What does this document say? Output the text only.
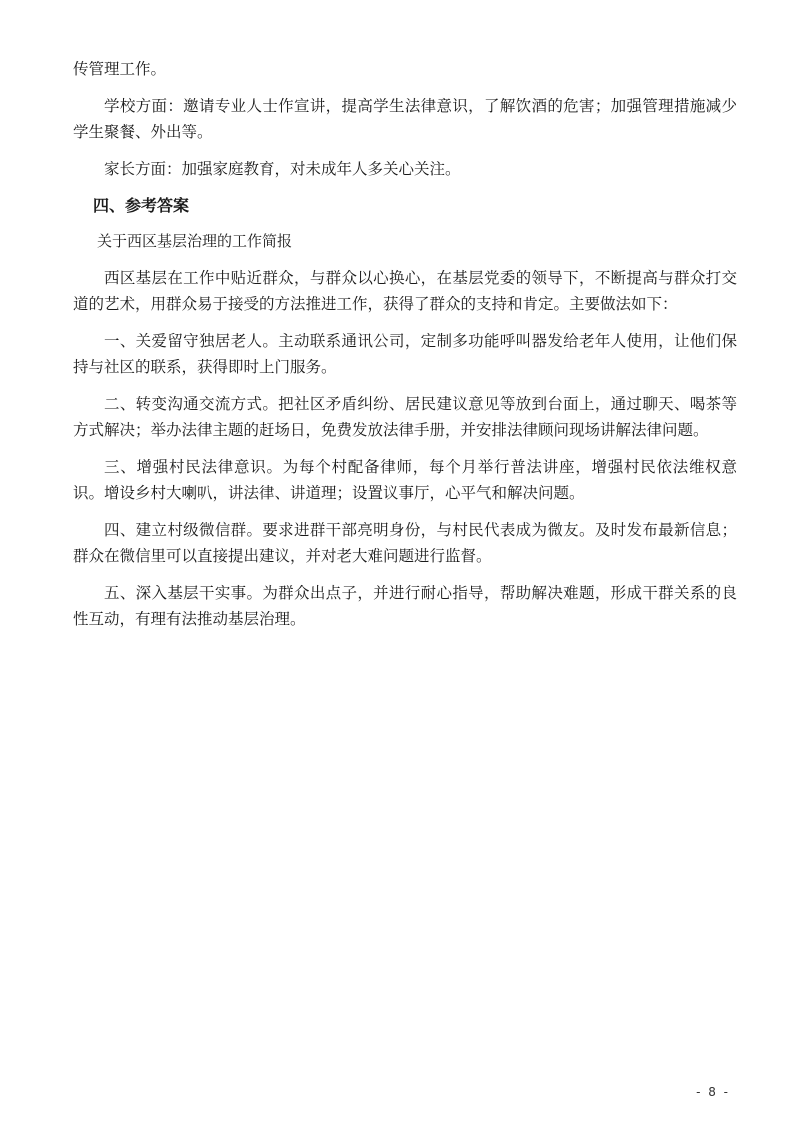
传管理工作。

学校方面：邀请专业人士作宣讲，提高学生法律意识，了解饮酒的危害；加强管理措施减少学生聚餐、外出等。

家长方面：加强家庭教育，对未成年人多关心关注。

四、参考答案

关于西区基层治理的工作简报

西区基层在工作中贴近群众，与群众以心换心，在基层党委的领导下，不断提高与群众打交道的艺术，用群众易于接受的方法推进工作，获得了群众的支持和肯定。主要做法如下：

一、关爱留守独居老人。主动联系通讯公司，定制多功能呼叫器发给老年人使用，让他们保持与社区的联系，获得即时上门服务。

二、转变沟通交流方式。把社区矛盾纠纷、居民建议意见等放到台面上，通过聊天、喝茶等方式解决；举办法律主题的赶场日，免费发放法律手册，并安排法律顾问现场讲解法律问题。

三、增强村民法律意识。为每个村配备律师，每个月举行普法讲座，增强村民依法维权意识。增设乡村大喇叭，讲法律、讲道理；设置议事厅，心平气和解决问题。

四、建立村级微信群。要求进群干部亮明身份，与村民代表成为微友。及时发布最新信息；群众在微信里可以直接提出建议，并对老大难问题进行监督。

五、深入基层干实事。为群众出点子，并进行耐心指导，帮助解决难题，形成干群关系的良性互动，有理有法推动基层治理。

- 8 -
